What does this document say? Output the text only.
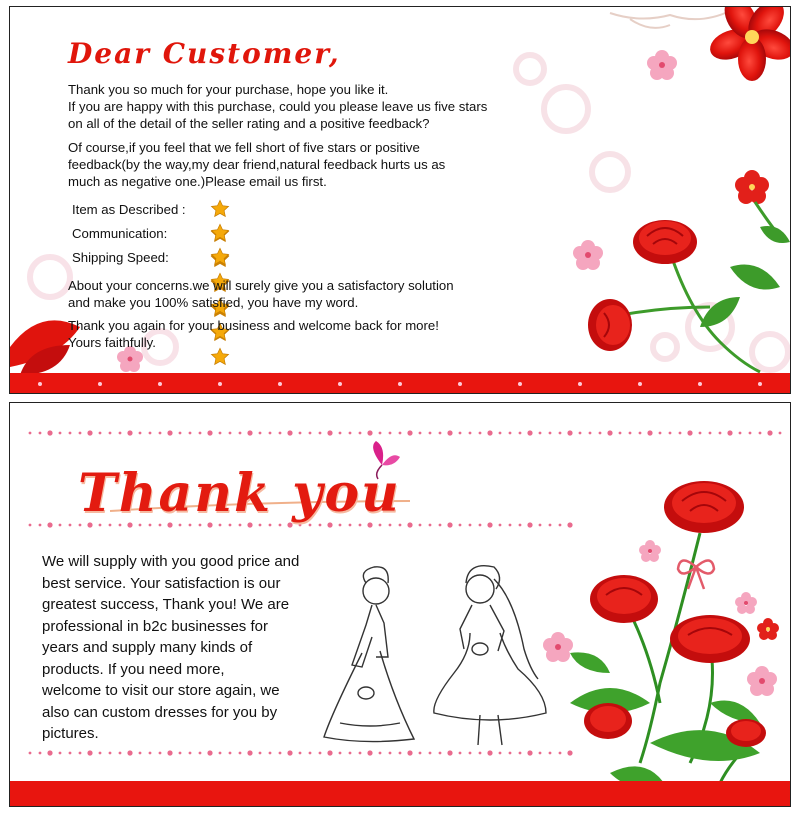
Dear Customer,

Thank you so much for your purchase, hope you like it.
If you are happy with this purchase, could you please leave us five stars
on all of the detail of the seller rating and a positive feedback?

Of course,if you feel that we fell short of five stars or positive
feedback(by the way,my dear friend,natural feedback hurts us as
much as negative one.)Please email us first.

Item as Described :
Communication:
Shipping Speed:

About your concerns.we will surely give you a satisfactory solution
and make you 100% satisfied, you have my word.

Thank you again for your business and welcome back for more!
Yours faithfully.

Thank you

We will supply with you good price and
best service. Your satisfaction is our
greatest success, Thank you! We are
professional in b2c businesses for
years and supply many kinds of
products. If you need more,
welcome to visit our store again, we
also can custom dresses for you by
pictures.
